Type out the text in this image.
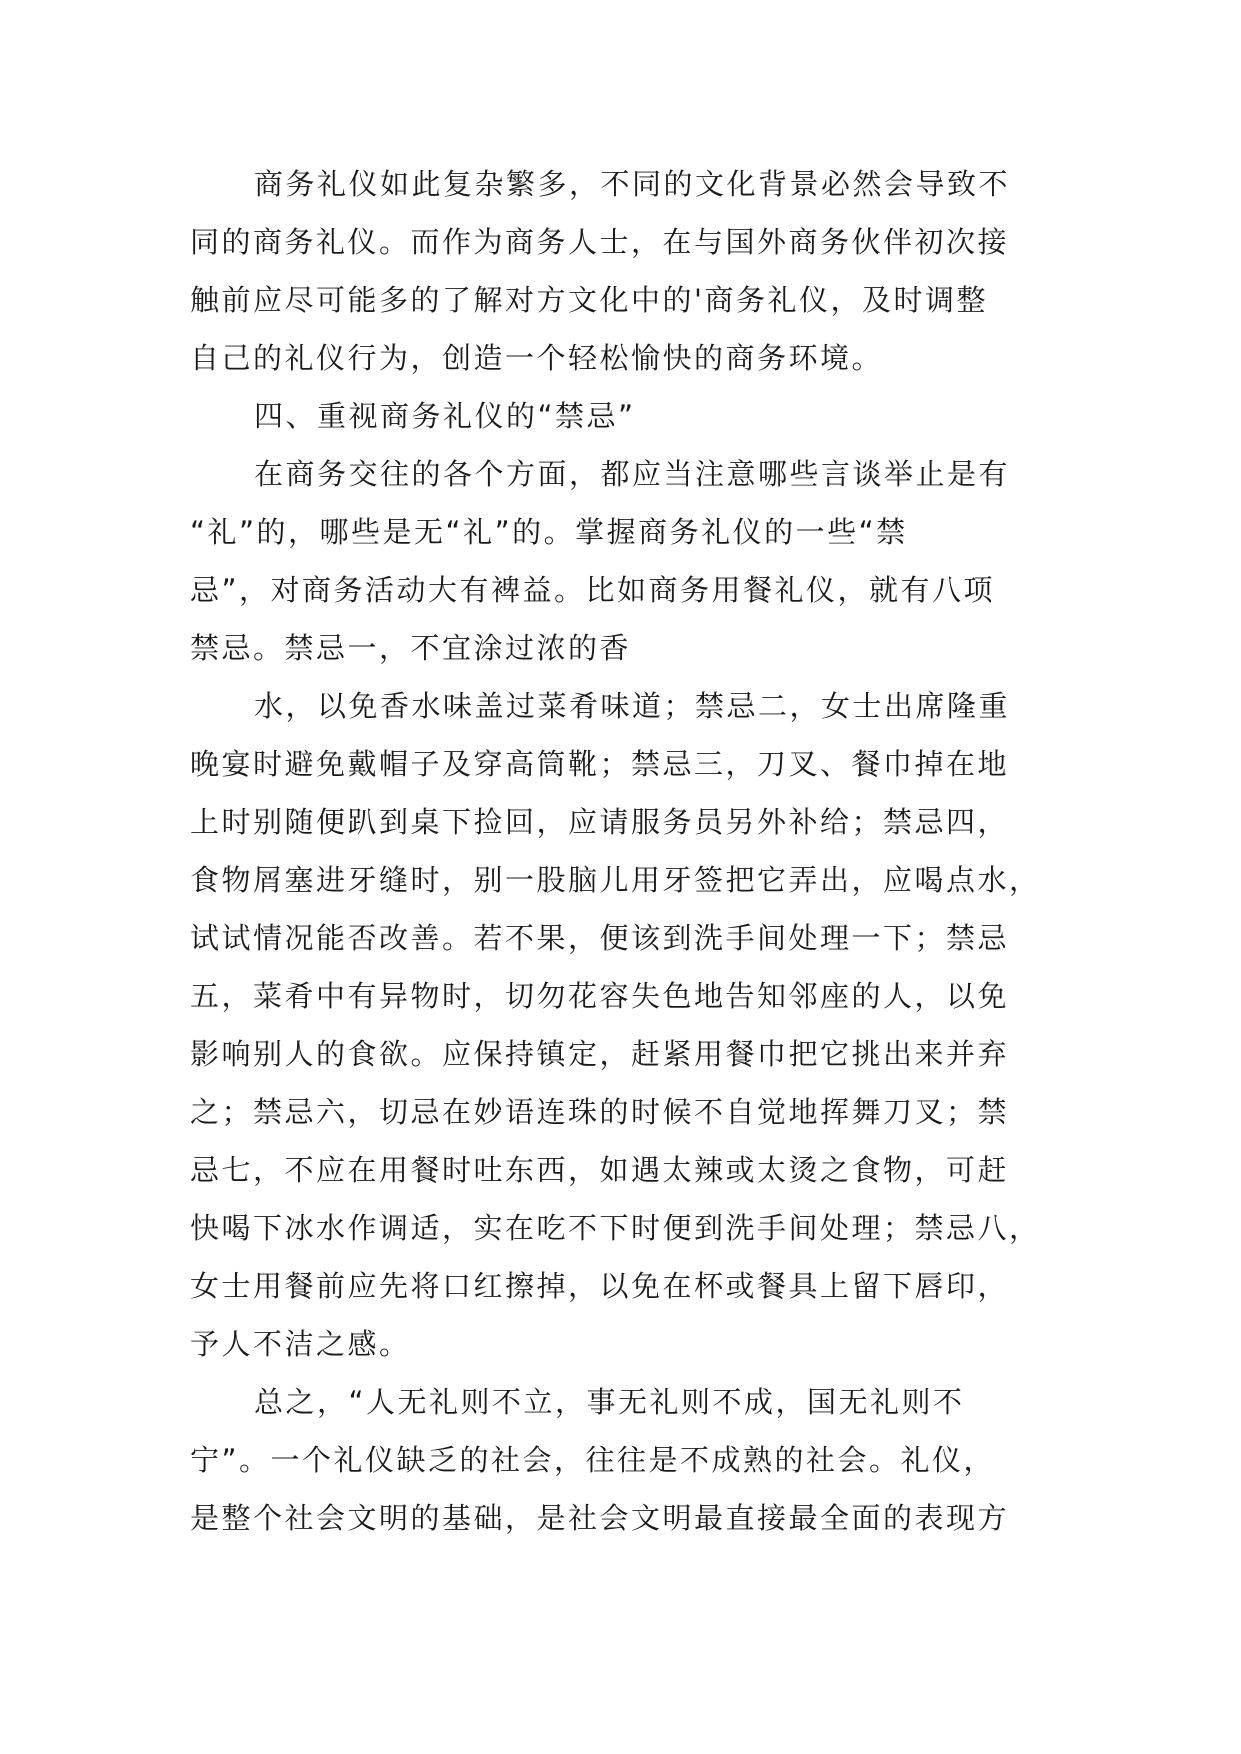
商务礼仪如此复杂繁多，不同的文化背景必然会导致不
同的商务礼仪。而作为商务人士，在与国外商务伙伴初次接
触前应尽可能多的了解对方文化中的'商务礼仪，及时调整
自己的礼仪行为，创造一个轻松愉快的商务环境。
四、重视商务礼仪的“禁忌”
在商务交往的各个方面，都应当注意哪些言谈举止是有
“礼”的，哪些是无“礼”的。掌握商务礼仪的一些“禁
忌”，对商务活动大有裨益。比如商务用餐礼仪，就有八项
禁忌。禁忌一，不宜涂过浓的香
水，以免香水味盖过菜肴味道；禁忌二，女士出席隆重
晚宴时避免戴帽子及穿高筒靴；禁忌三，刀叉、餐巾掉在地
上时别随便趴到桌下捡回，应请服务员另外补给；禁忌四，
食物屑塞进牙缝时，别一股脑儿用牙签把它弄出，应喝点水，
试试情况能否改善。若不果，便该到洗手间处理一下；禁忌
五，菜肴中有异物时，切勿花容失色地告知邻座的人，以免
影响别人的食欲。应保持镇定，赶紧用餐巾把它挑出来并弃
之；禁忌六，切忌在妙语连珠的时候不自觉地挥舞刀叉；禁
忌七，不应在用餐时吐东西，如遇太辣或太烫之食物，可赶
快喝下冰水作调适，实在吃不下时便到洗手间处理；禁忌八，
女士用餐前应先将口红擦掉，以免在杯或餐具上留下唇印，
予人不洁之感。
总之，“人无礼则不立，事无礼则不成，国无礼则不
宁”。一个礼仪缺乏的社会，往往是不成熟的社会。礼仪，
是整个社会文明的基础，是社会文明最直接最全面的表现方
